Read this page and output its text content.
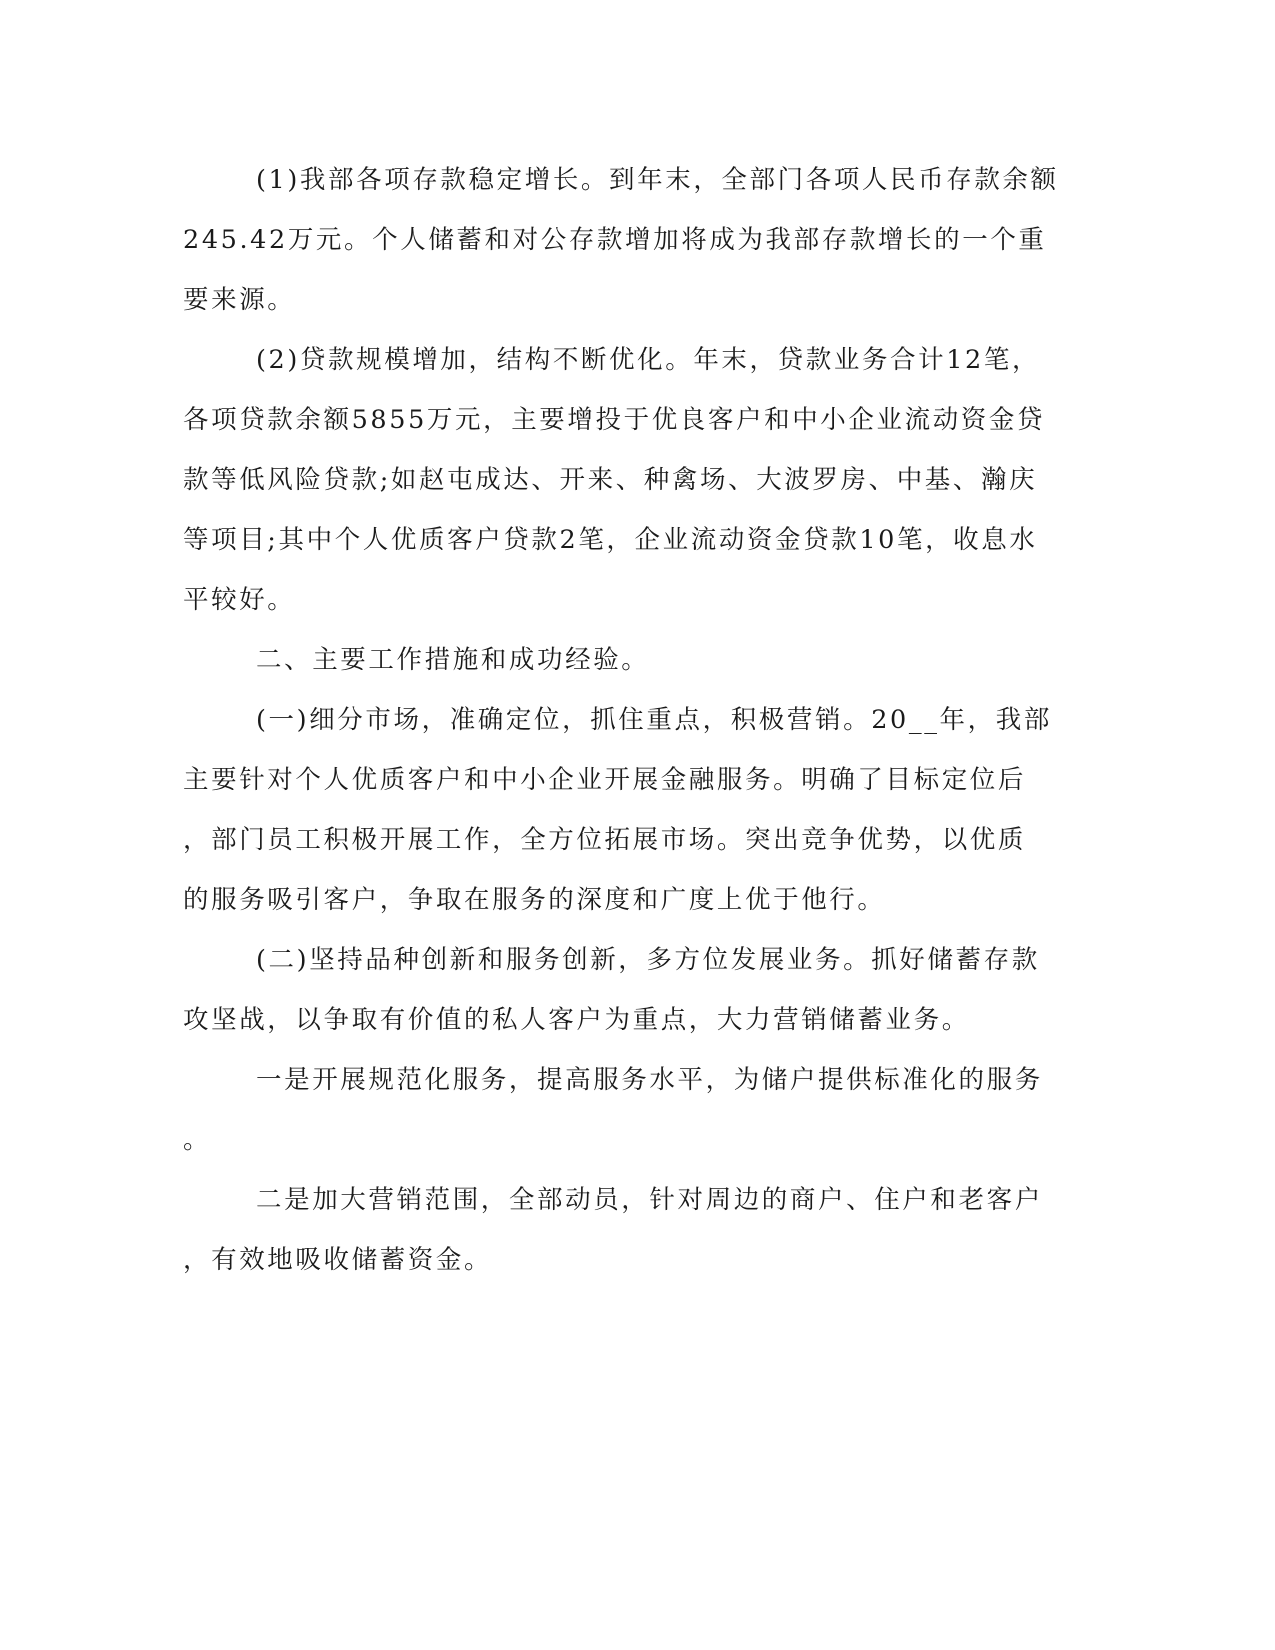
(1)我部各项存款稳定增长。到年末，全部门各项人民币存款余额
245.42万元。个人储蓄和对公存款增加将成为我部存款增长的一个重
要来源。
(2)贷款规模增加，结构不断优化。年末，贷款业务合计12笔，
各项贷款余额5855万元，主要增投于优良客户和中小企业流动资金贷
款等低风险贷款;如赵屯成达、开来、种禽场、大波罗房、中基、瀚庆
等项目;其中个人优质客户贷款2笔，企业流动资金贷款10笔，收息水
平较好。
二、主要工作措施和成功经验。
(一)细分市场，准确定位，抓住重点，积极营销。20__年，我部
主要针对个人优质客户和中小企业开展金融服务。明确了目标定位后
，部门员工积极开展工作，全方位拓展市场。突出竞争优势，以优质
的服务吸引客户，争取在服务的深度和广度上优于他行。
(二)坚持品种创新和服务创新，多方位发展业务。抓好储蓄存款
攻坚战，以争取有价值的私人客户为重点，大力营销储蓄业务。
一是开展规范化服务，提高服务水平，为储户提供标准化的服务
。
二是加大营销范围，全部动员，针对周边的商户、住户和老客户
，有效地吸收储蓄资金。
